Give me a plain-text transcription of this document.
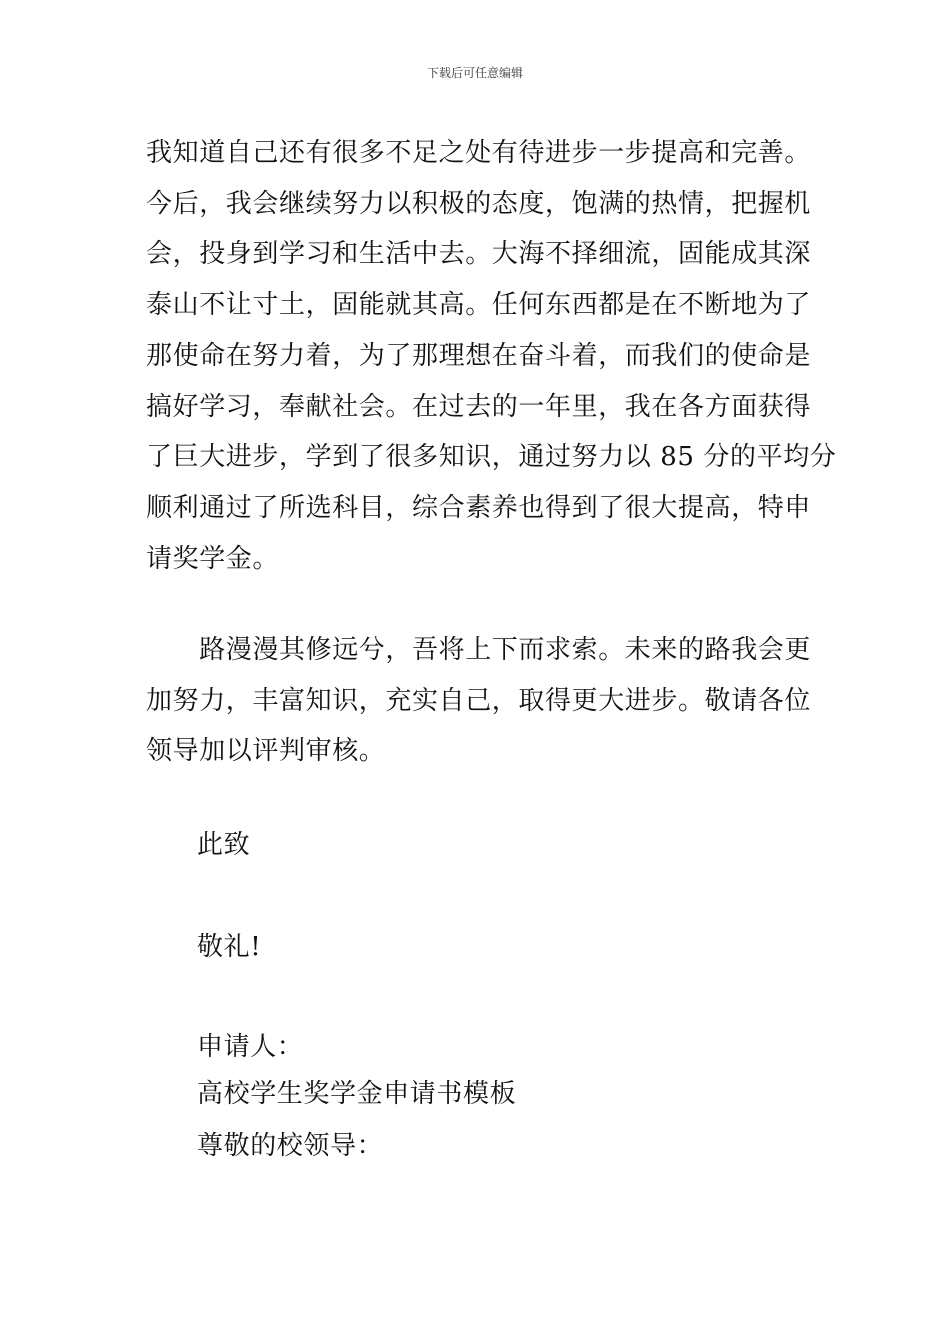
下载后可任意编辑
我知道自己还有很多不足之处有待进步一步提高和完善。
今后，我会继续努力以积极的态度，饱满的热情，把握机
会，投身到学习和生活中去。大海不择细流，固能成其深
泰山不让寸土，固能就其高。任何东西都是在不断地为了
那使命在努力着，为了那理想在奋斗着，而我们的使命是
搞好学习，奉献社会。在过去的一年里，我在各方面获得
了巨大进步，学到了很多知识，通过努力以 85 分的平均分
顺利通过了所选科目，综合素养也得到了很大提高，特申
请奖学金。
　　路漫漫其修远兮，吾将上下而求索。未来的路我会更
加努力，丰富知识，充实自己，取得更大进步。敬请各位
领导加以评判审核。
此致
敬礼!
申请人：
高校学生奖学金申请书模板
尊敬的校领导：
